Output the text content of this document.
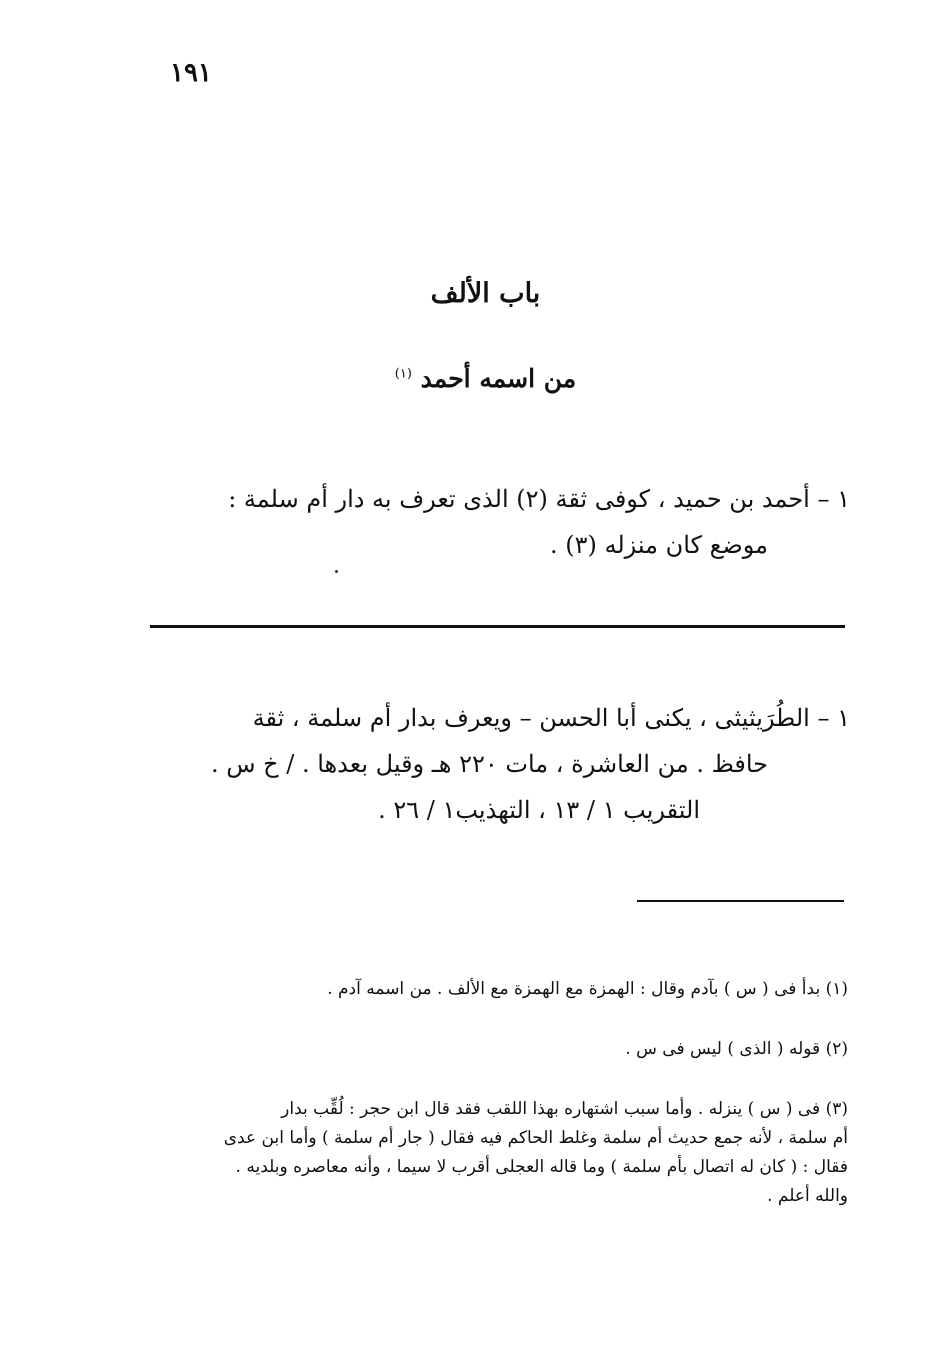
١٩١
باب الألف
من اسمه أحمد $^{(١)}$
١ – أحمد بن حميد ، كوفى ثقة (٢) الذى تعرف به دار أم سلمة :
موضع كان منزله (٣) .
١ – الطُرَيثيثى ، يكنى أبا الحسن – ويعرف بدار أم سلمة ، ثقة
حافظ . من العاشرة ، مات ٢٢٠ هـ وقيل بعدها . / خ س .
التقريب ١ / ١٣ ، التهذيب١ / ٢٦ .
(١) بدأ فى ( س ) بآدم وقال : الهمزة مع الهمزة مع الألف . من اسمه آدم .
(٢) قوله ( الذى ) ليس فى س .
(٣) فى ( س ) ينزله . وأما سبب اشتهاره بهذا اللقب فقد قال ابن حجر : لُقِّب بدار
أم سلمة ، لأنه جمع حديث أم سلمة وغلط الحاكم فيه فقال ( جار أم سلمة ) وأما ابن عدى
فقال : ( كان له اتصال بأم سلمة ) وما قاله العجلى أقرب لا سيما ، وأنه معاصره وبلديه .
والله أعلم .
